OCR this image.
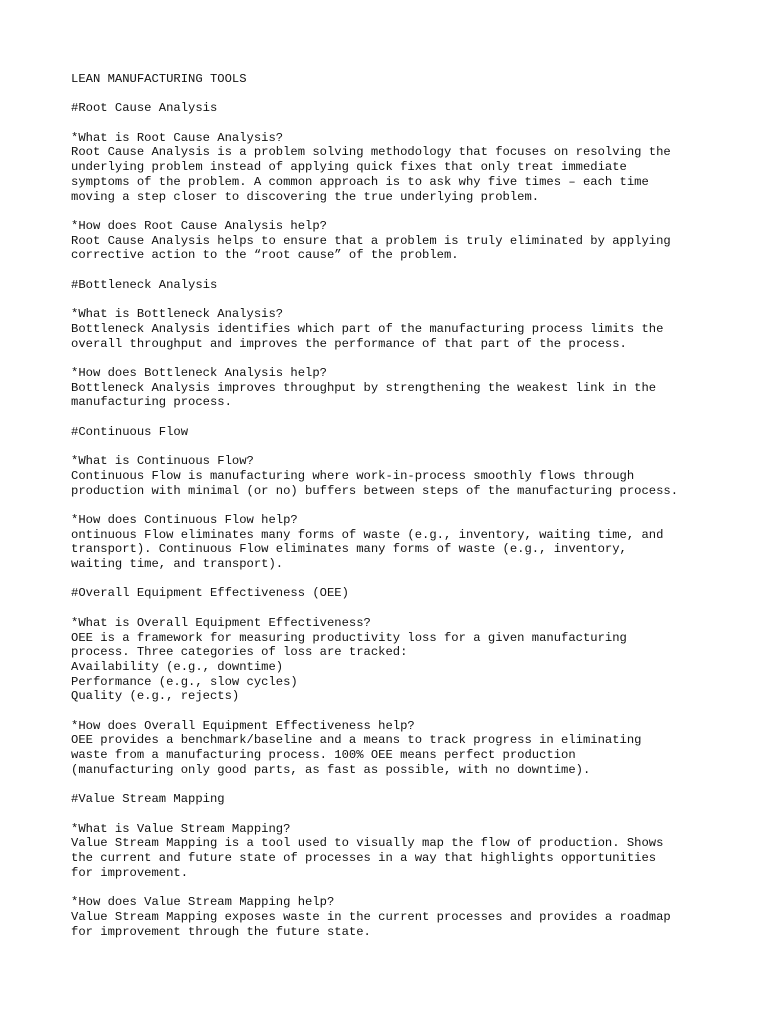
LEAN MANUFACTURING TOOLS
#Root Cause Analysis
*What is Root Cause Analysis?
Root Cause Analysis is a problem solving methodology that focuses on resolving the
underlying problem instead of applying quick fixes that only treat immediate
symptoms of the problem. A common approach is to ask why five times – each time
moving a step closer to discovering the true underlying problem.
*How does Root Cause Analysis help?
Root Cause Analysis helps to ensure that a problem is truly eliminated by applying
corrective action to the “root cause” of the problem.
#Bottleneck Analysis
*What is Bottleneck Analysis?
Bottleneck Analysis identifies which part of the manufacturing process limits the
overall throughput and improves the performance of that part of the process.
*How does Bottleneck Analysis help?
Bottleneck Analysis improves throughput by strengthening the weakest link in the
manufacturing process.
#Continuous Flow
*What is Continuous Flow?
Continuous Flow is manufacturing where work-in-process smoothly flows through
production with minimal (or no) buffers between steps of the manufacturing process.
*How does Continuous Flow help?
ontinuous Flow eliminates many forms of waste (e.g., inventory, waiting time, and
transport). Continuous Flow eliminates many forms of waste (e.g., inventory,
waiting time, and transport).
#Overall Equipment Effectiveness (OEE)
*What is Overall Equipment Effectiveness?
OEE is a framework for measuring productivity loss for a given manufacturing
process. Three categories of loss are tracked:
Availability (e.g., downtime)
Performance (e.g., slow cycles)
Quality (e.g., rejects)
*How does Overall Equipment Effectiveness help?
OEE provides a benchmark/baseline and a means to track progress in eliminating
waste from a manufacturing process. 100% OEE means perfect production
(manufacturing only good parts, as fast as possible, with no downtime).
#Value Stream Mapping
*What is Value Stream Mapping?
Value Stream Mapping is a tool used to visually map the flow of production. Shows
the current and future state of processes in a way that highlights opportunities
for improvement.
*How does Value Stream Mapping help?
Value Stream Mapping exposes waste in the current processes and provides a roadmap
for improvement through the future state.
